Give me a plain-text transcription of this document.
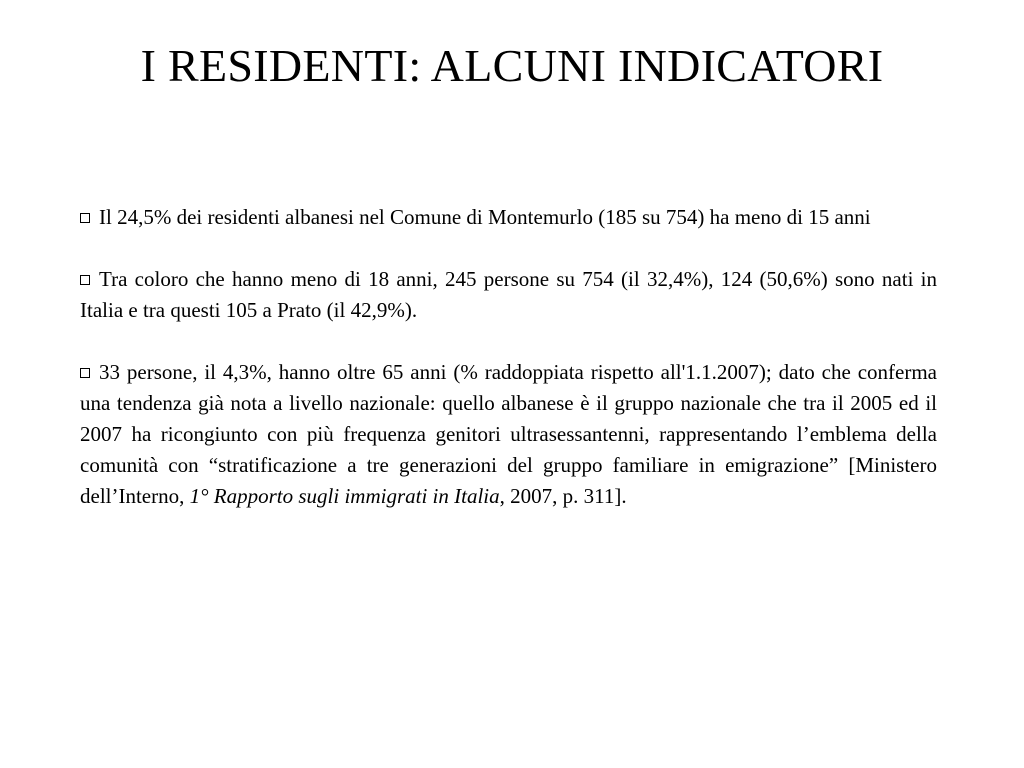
I RESIDENTI: ALCUNI INDICATORI

Il 24,5% dei residenti albanesi nel Comune di Montemurlo (185 su 754) ha meno di 15 anni

Tra coloro che hanno meno di 18 anni, 245 persone su 754 (il 32,4%), 124 (50,6%) sono nati in Italia e tra questi 105 a Prato (il 42,9%).

33 persone, il 4,3%, hanno oltre 65 anni (% raddoppiata rispetto all'1.1.2007); dato che conferma una tendenza già nota a livello nazionale: quello albanese è il gruppo nazionale che tra il 2005 ed il 2007 ha ricongiunto con più frequenza genitori ultrasessantenni, rappresentando l’emblema della comunità con “stratificazione a tre generazioni del gruppo familiare in emigrazione” [Ministero dell’Interno, 1° Rapporto sugli immigrati in Italia, 2007, p. 311].
